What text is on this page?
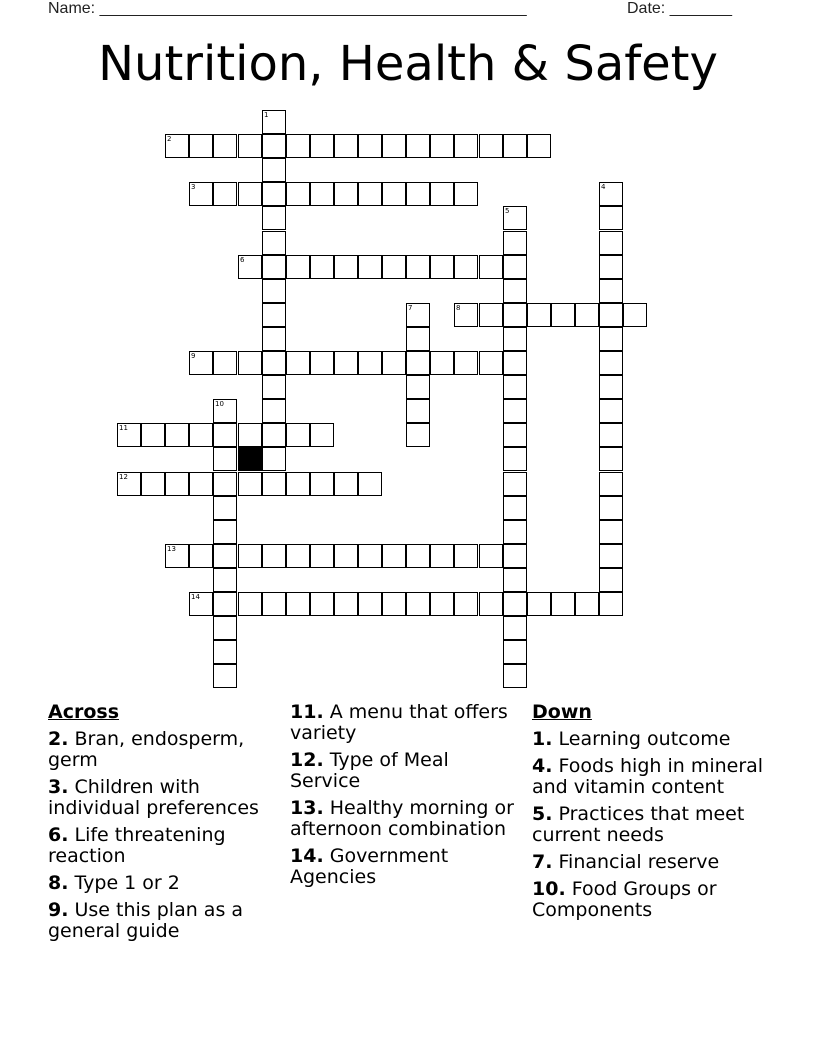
Name: ________________________________________________	Date: _______
Nutrition, Health & Safety
1
2
3	4
5
6
7	8
9
10
11
12
13
14
Across
2. Bran, endosperm, germ
3. Children with individual preferences
6. Life threatening reaction
8. Type 1 or 2
9. Use this plan as a general guide
11. A menu that offers variety
12. Type of Meal Service
13. Healthy morning or afternoon combination
14. Government Agencies
Down
1. Learning outcome
4. Foods high in mineral and vitamin content
5. Practices that meet current needs
7. Financial reserve
10. Food Groups or Components
